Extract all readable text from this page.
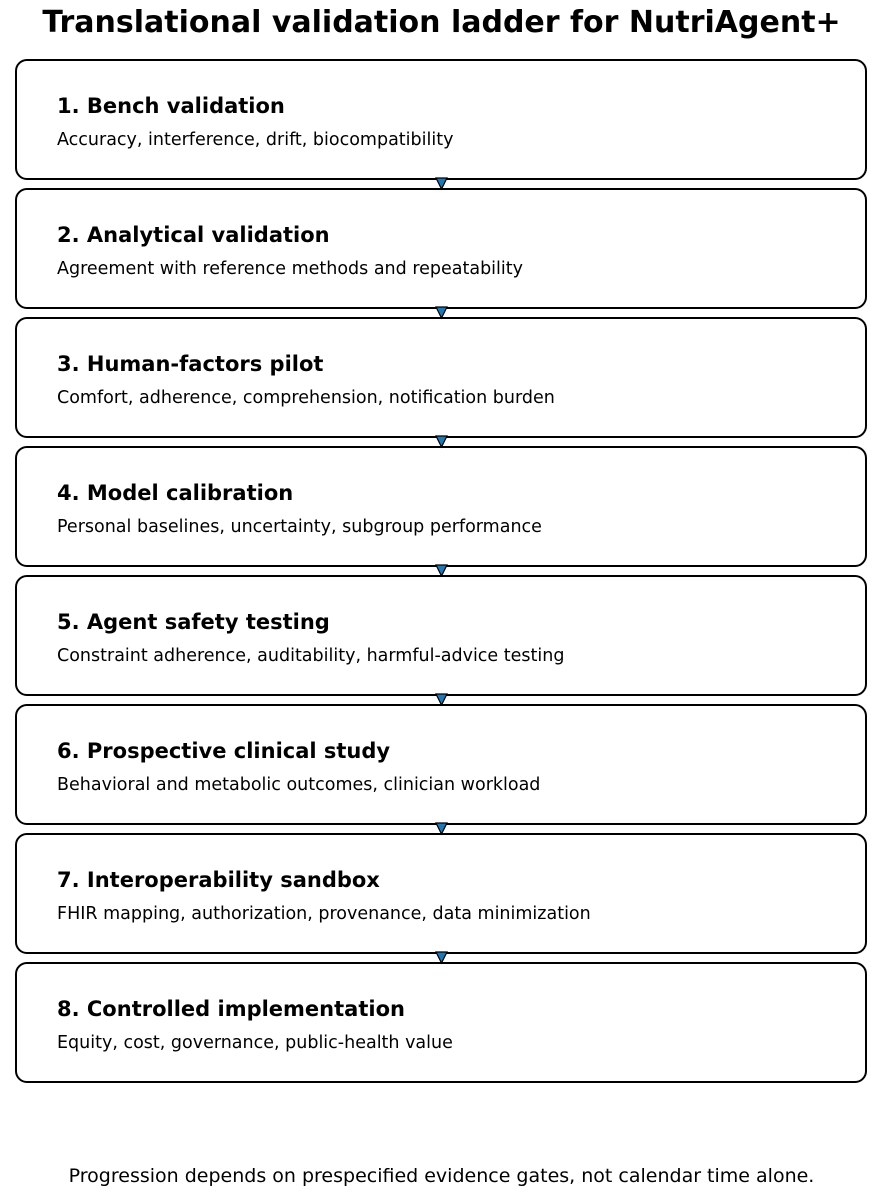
Translational validation ladder for NutriAgent+
1. Bench validation
Accuracy, interference, drift, biocompatibility
2. Analytical validation
Agreement with reference methods and repeatability
3. Human-factors pilot
Comfort, adherence, comprehension, notification burden
4. Model calibration
Personal baselines, uncertainty, subgroup performance
5. Agent safety testing
Constraint adherence, auditability, harmful-advice testing
6. Prospective clinical study
Behavioral and metabolic outcomes, clinician workload
7. Interoperability sandbox
FHIR mapping, authorization, provenance, data minimization
8. Controlled implementation
Equity, cost, governance, public-health value
Progression depends on prespecified evidence gates, not calendar time alone.
